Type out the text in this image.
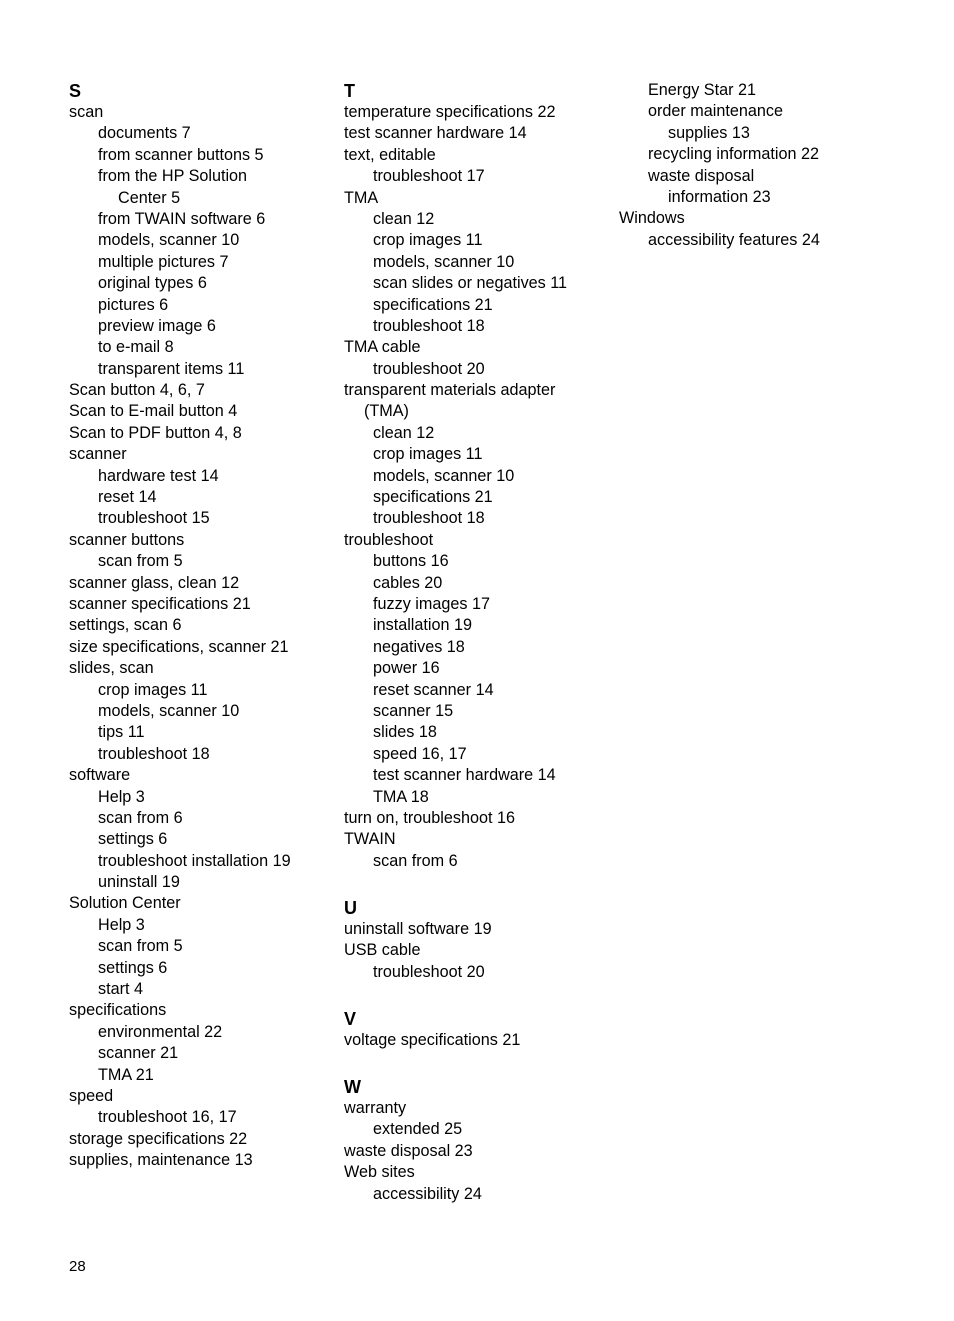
S
scan
documents 7
from scanner buttons 5
from the HP Solution
Center 5
from TWAIN software 6
models, scanner 10
multiple pictures 7
original types 6
pictures 6
preview image 6
to e-mail 8
transparent items 11
Scan button 4, 6, 7
Scan to E-mail button 4
Scan to PDF button 4, 8
scanner
hardware test 14
reset 14
troubleshoot 15
scanner buttons
scan from 5
scanner glass, clean 12
scanner specifications 21
settings, scan 6
size specifications, scanner 21
slides, scan
crop images 11
models, scanner 10
tips 11
troubleshoot 18
software
Help 3
scan from 6
settings 6
troubleshoot installation 19
uninstall 19
Solution Center
Help 3
scan from 5
settings 6
start 4
specifications
environmental 22
scanner 21
TMA 21
speed
troubleshoot 16, 17
storage specifications 22
supplies, maintenance 13
T
temperature specifications 22
test scanner hardware 14
text, editable
troubleshoot 17
TMA
clean 12
crop images 11
models, scanner 10
scan slides or negatives 11
specifications 21
troubleshoot 18
TMA cable
troubleshoot 20
transparent materials adapter
(TMA)
clean 12
crop images 11
models, scanner 10
specifications 21
troubleshoot 18
troubleshoot
buttons 16
cables 20
fuzzy images 17
installation 19
negatives 18
power 16
reset scanner 14
scanner 15
slides 18
speed 16, 17
test scanner hardware 14
TMA 18
turn on, troubleshoot 16
TWAIN
scan from 6
U
uninstall software 19
USB cable
troubleshoot 20
V
voltage specifications 21
W
warranty
extended 25
waste disposal 23
Web sites
accessibility 24
Energy Star 21
order maintenance
supplies 13
recycling information 22
waste disposal
information 23
Windows
accessibility features 24
28
